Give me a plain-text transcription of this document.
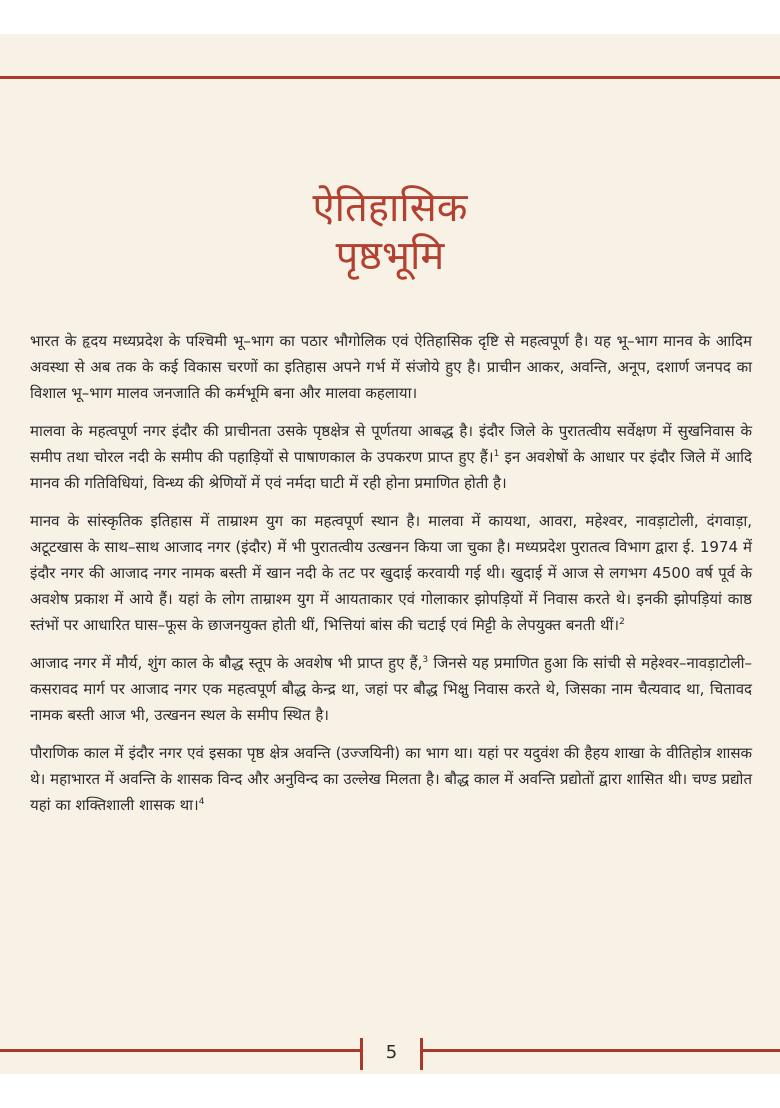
ऐतिहासिक
पृष्ठभूमि

भारत के हृदय मध्यप्रदेश के पश्चिमी भू–भाग का पठार भौगोलिक एवं ऐतिहासिक दृष्टि से महत्वपूर्ण है। यह भू–भाग मानव के आदिम अवस्था से अब तक के कई विकास चरणों का इतिहास अपने गर्भ में संजोये हुए है। प्राचीन आकर, अवन्ति, अनूप, दशार्ण जनपद का विशाल भू–भाग मालव जनजाति की कर्मभूमि बना और मालवा कहलाया।

मालवा के महत्वपूर्ण नगर इंदौर की प्राचीनता उसके पृष्ठक्षेत्र से पूर्णतया आबद्ध है। इंदौर जिले के पुरातत्वीय सर्वेक्षण में सुखनिवास के समीप तथा चोरल नदी के समीप की पहाड़ियों से पाषाणकाल के उपकरण प्राप्त हुए हैं।$^1$ इन अवशेषों के आधार पर इंदौर जिले में आदि मानव की गतिविधियां, विन्ध्य की श्रेणियों में एवं नर्मदा घाटी में रही होना प्रमाणित होती है।

मानव के सांस्कृतिक इतिहास में ताम्राश्म युग का महत्वपूर्ण स्थान है। मालवा में कायथा, आवरा, महेश्वर, नावड़ाटोली, दंगवाड़ा, अटूटखास के साथ–साथ आजाद नगर (इंदौर) में भी पुरातत्वीय उत्खनन किया जा चुका है। मध्यप्रदेश पुरातत्व विभाग द्वारा ई. 1974 में इंदौर नगर की आजाद नगर नामक बस्ती में खान नदी के तट पर खुदाई करवायी गई थी। खुदाई में आज से लगभग 4500 वर्ष पूर्व के अवशेष प्रकाश में आये हैं। यहां के लोग ताम्राश्म युग में आयताकार एवं गोलाकार झोपड़ियों में निवास करते थे। इनकी झोपड़ियां काष्ठ स्तंभों पर आधारित घास–फूस के छाजनयुक्त होती थीं, भित्तियां बांस की चटाई एवं मिट्टी के लेपयुक्त बनती थीं।$^2$

आजाद नगर में मौर्य, शुंग काल के बौद्ध स्तूप के अवशेष भी प्राप्त हुए हैं,$^3$ जिनसे यह प्रमाणित हुआ कि सांची से महेश्वर–नावड़ाटोली–कसरावद मार्ग पर आजाद नगर एक महत्वपूर्ण बौद्ध केन्द्र था, जहां पर बौद्ध भिक्षु निवास करते थे, जिसका नाम चैत्यवाद था, चितावद नामक बस्ती आज भी, उत्खनन स्थल के समीप स्थित है।

पौराणिक काल में इंदौर नगर एवं इसका पृष्ठ क्षेत्र अवन्ति (उज्जयिनी) का भाग था। यहां पर यदुवंश की हैहय शाखा के वीतिहोत्र शासक थे। महाभारत में अवन्ति के शासक विन्द और अनुविन्द का उल्लेख मिलता है। बौद्ध काल में अवन्ति प्रद्योतों द्वारा शासित थी। चण्ड प्रद्योत यहां का शक्तिशाली शासक था।$^4$

5
